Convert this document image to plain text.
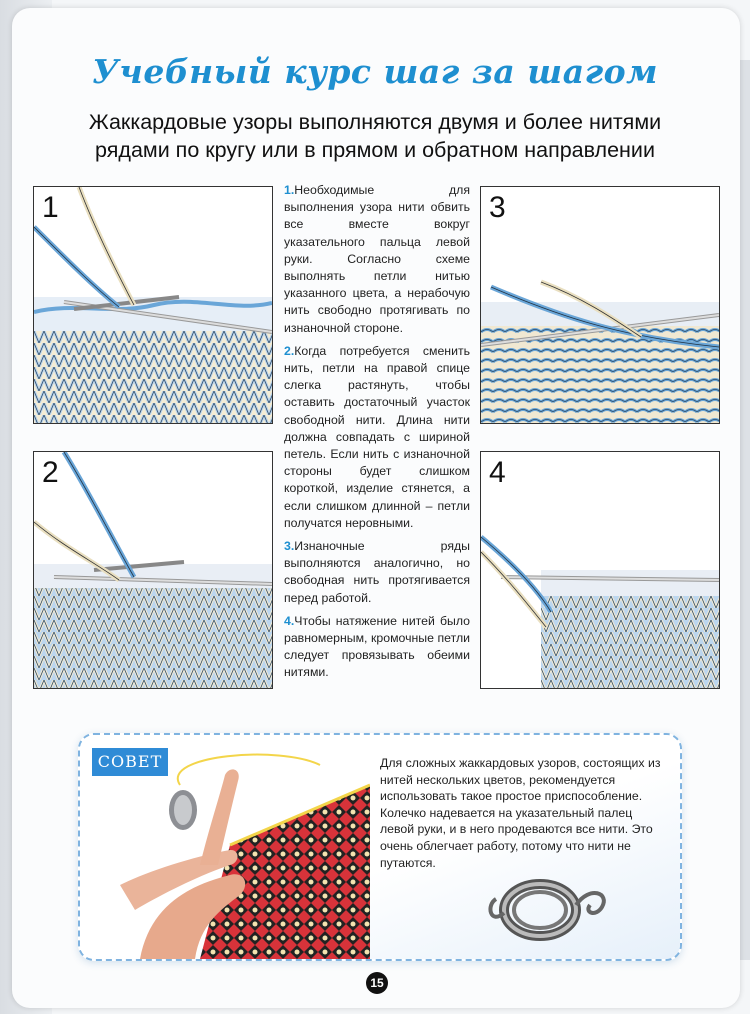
Учебный курс шаг за шагом
Жаккардовые узоры выполняются двумя и более нитями
рядами по кругу или в прямом и обратном направлении
1
2
3
4

1.Необходимые для выполнения узора нити обвить все вместе вокруг указательного пальца левой руки. Согласно схеме выполнять петли нитью указанного цвета, а нерабочую нить свободно протягивать по изнаночной стороне.

2.Когда потребуется сменить нить, петли на правой спице слегка растянуть, чтобы оставить достаточный участок свободной нити. Длина нити должна совпадать с шириной петель. Если нить с изнаночной стороны будет слишком короткой, изделие стянется, а если слишком длинной – петли получатся неровными.

3.Изнаночные ряды выполняются аналогично, но свободная нить протягивается перед работой.

4.Чтобы натяжение нитей было равномерным, кромочные петли следует провязывать обеими нитями.

СОВЕТ	Для сложных жаккардовых узоров, состоящих из нитей нескольких цветов, рекомендуется использовать такое простое приспособление. Колечко надевается на указательный палец левой руки, и в него продеваются все нити. Это очень облегчает работу, потому что нити не путаются.
15
